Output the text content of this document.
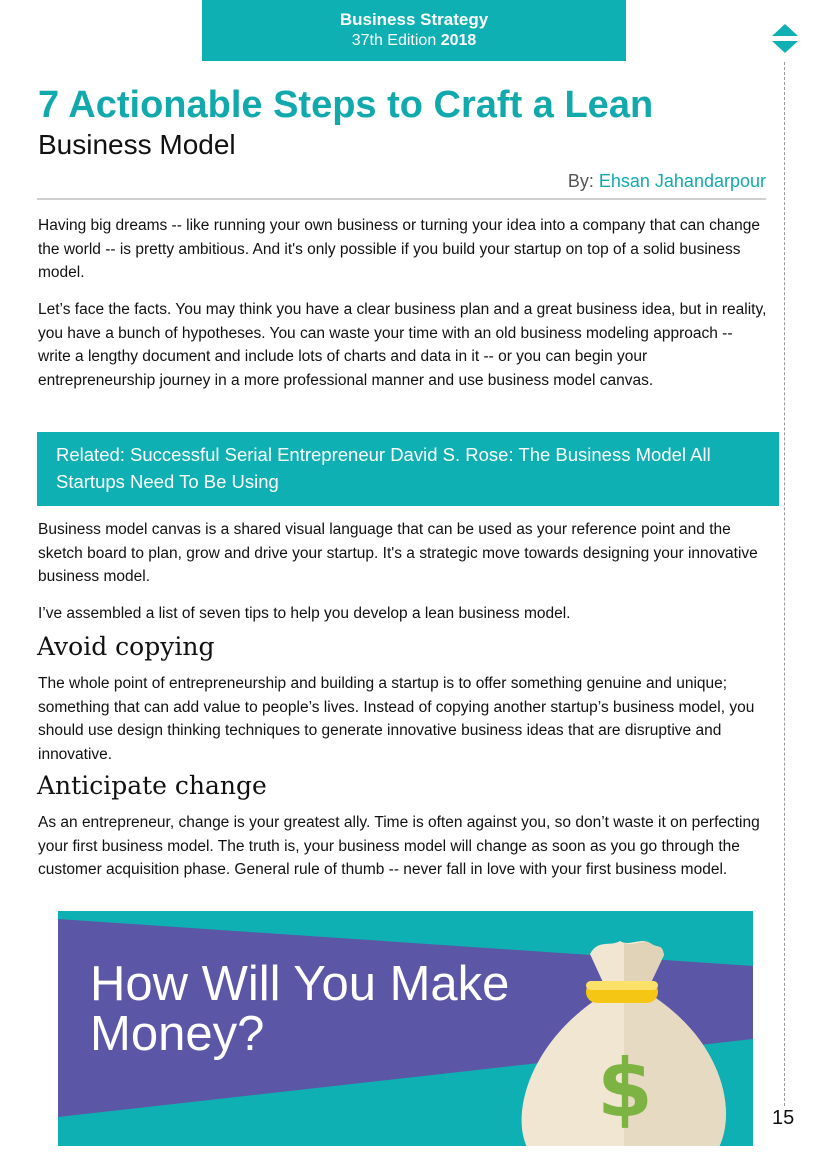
Business Strategy
37th Edition 2018
7 Actionable Steps to Craft a Lean
Business Model
By: Ehsan Jahandarpour

Having big dreams -- like running your own business or turning your idea into a company that can change the world -- is pretty ambitious. And it's only possible if you build your startup on top of a solid business model.

Let’s face the facts. You may think you have a clear business plan and a great business idea, but in reality, you have a bunch of hypotheses. You can waste your time with an old business modeling approach -- write a lengthy document and include lots of charts and data in it -- or you can begin your entrepreneurship journey in a more professional manner and use business model canvas.

Related: Successful Serial Entrepreneur David S. Rose: The Business Model All Startups Need To Be Using

Business model canvas is a shared visual language that can be used as your reference point and the sketch board to plan, grow and drive your startup. It's a strategic move towards designing your innovative business model.

I’ve assembled a list of seven tips to help you develop a lean business model.

Avoid copying

The whole point of entrepreneurship and building a startup is to offer something genuine and unique; something that can add value to people’s lives. Instead of copying another startup’s business model, you should use design thinking techniques to generate innovative business ideas that are disruptive and innovative.

Anticipate change

As an entrepreneur, change is your greatest ally. Time is often against you, so don’t waste it on perfecting your first business model. The truth is, your business model will change as soon as you go through the customer acquisition phase. General rule of thumb -- never fall in love with your first business model.

$
How Will You Make Money?
15
